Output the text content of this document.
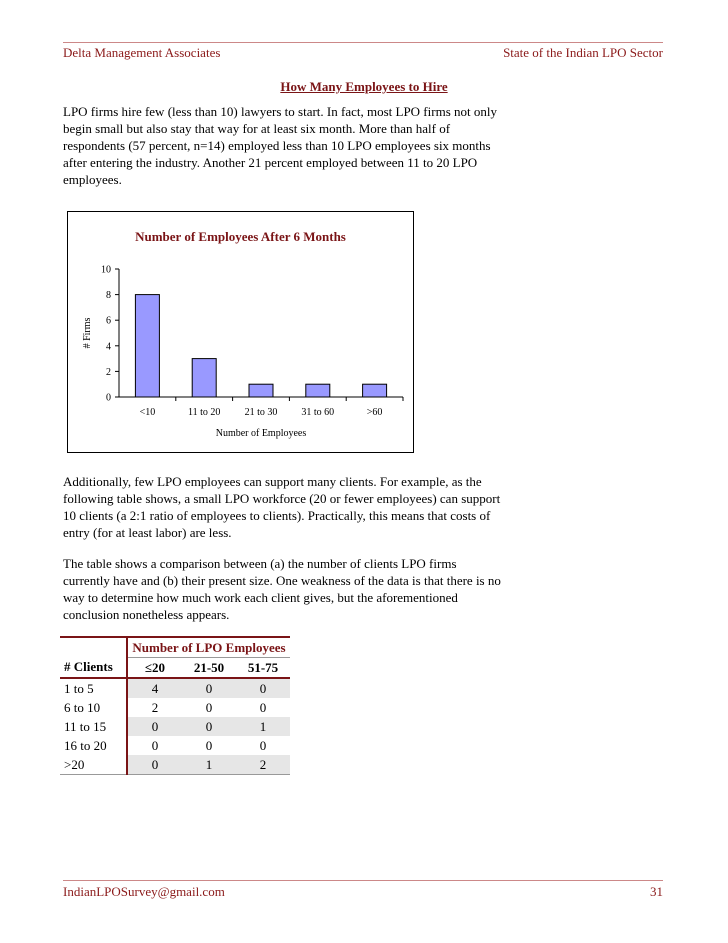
Delta Management Associates	State of the Indian LPO Sector
How Many Employees to Hire
LPO firms hire few (less than 10) lawyers to start. In fact, most LPO firms not only begin small but also stay that way for at least six month. More than half of respondents (57 percent, n=14) employed less than 10 LPO employees six months after entering the industry. Another 21 percent employed between 11 to 20 LPO employees.
Number of Employees After 6 Months
0
2
4
6
8
10
<10	11 to 20 21 to 30 31 to 60	>60
Number of Employees
# Firms
Additionally, few LPO employees can support many clients. For example, as the following table shows, a small LPO workforce (20 or fewer employees) can support 10 clients (a 2:1 ratio of employees to clients). Practically, this means that costs of entry (for at least labor) are less.
The table shows a comparison between (a) the number of clients LPO firms currently have and (b) their present size. One weakness of the data is that there is no way to determine how much work each client gives, but the aforementioned conclusion nonetheless appears.
	Number of LPO Employees		
# Clients	≤20	21-50	51-75
1 to 5	4	0	0
6 to 10	2	0	0
11 to 15	0	0	1
16 to 20	0	0	0
>20	0	1	2
IndianLPOSurvey@gmail.com	31
